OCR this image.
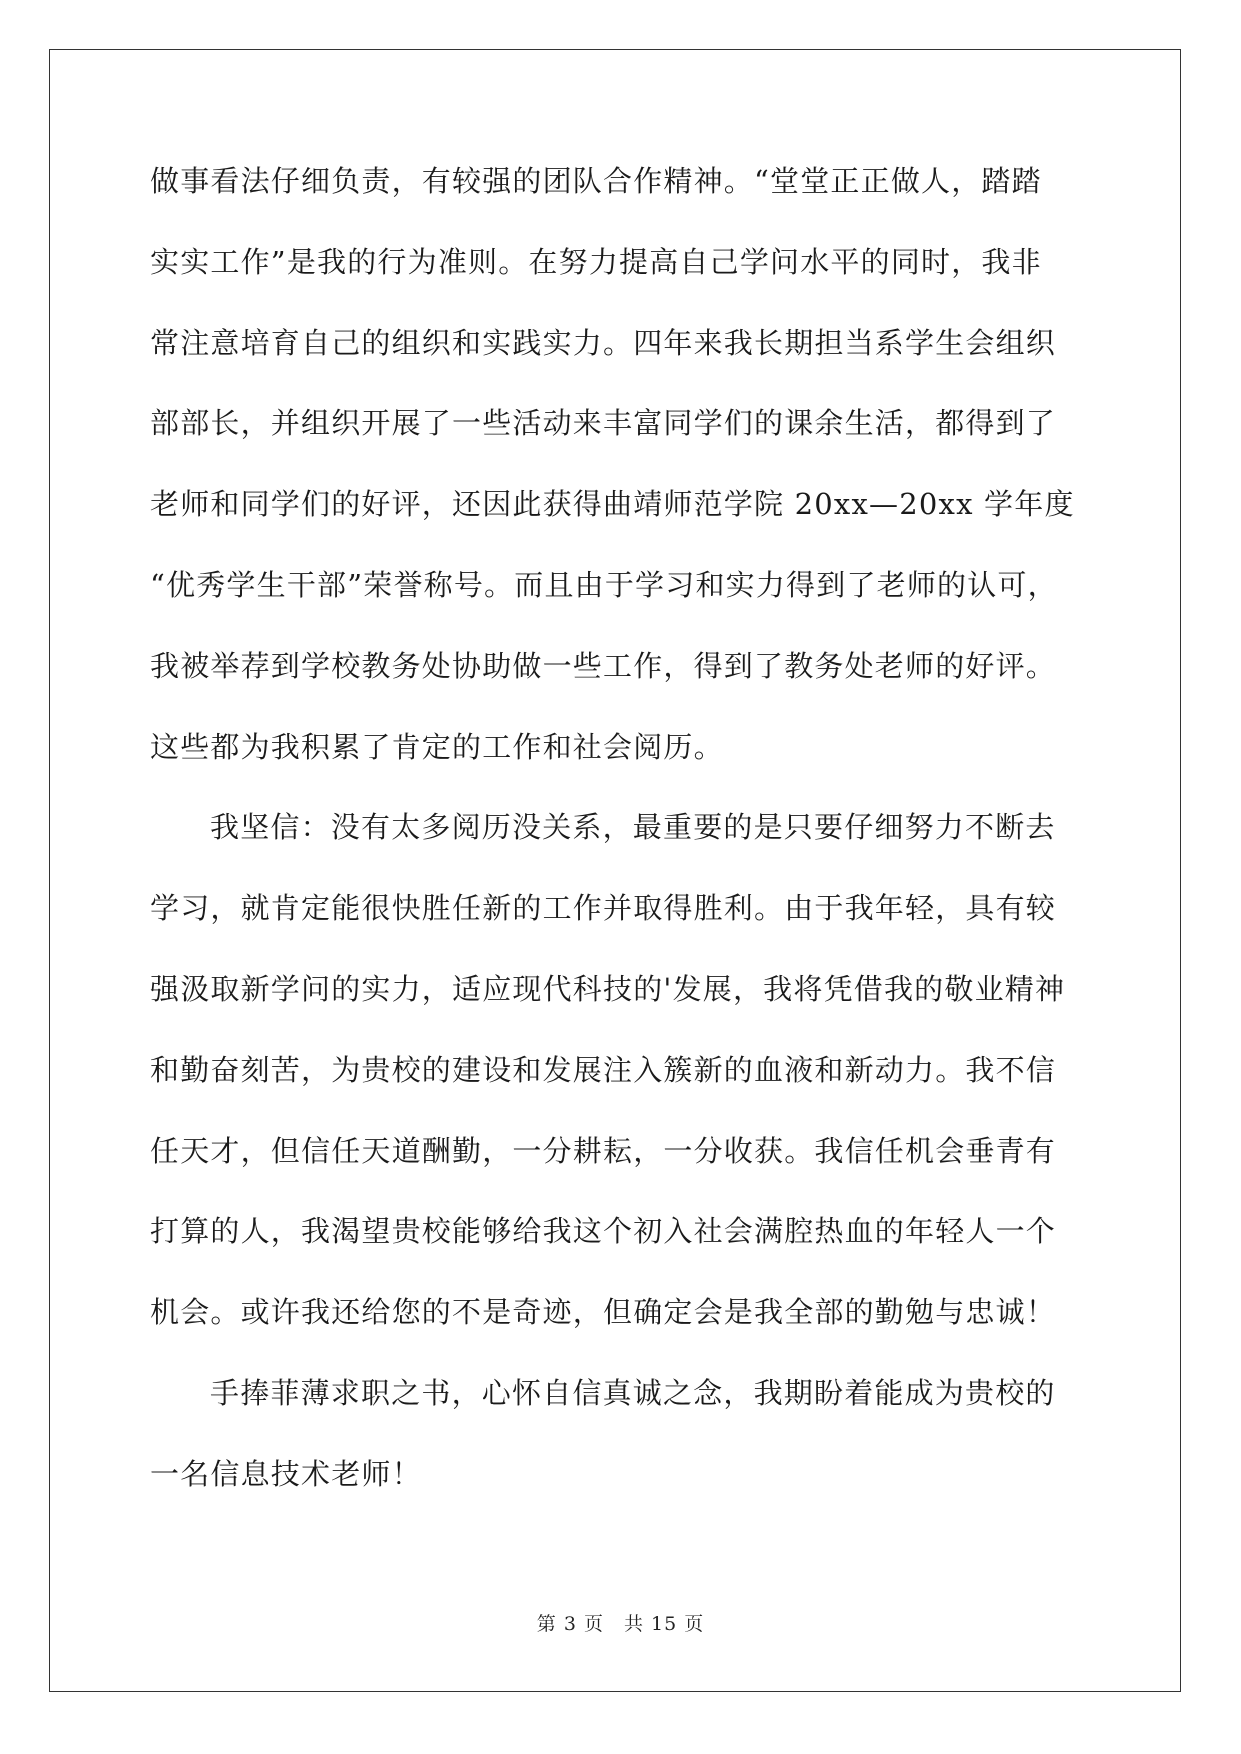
做事看法仔细负责，有较强的团队合作精神。“堂堂正正做人，踏踏
实实工作”是我的行为准则。在努力提高自己学问水平的同时，我非
常注意培育自己的组织和实践实力。四年来我长期担当系学生会组织
部部长，并组织开展了一些活动来丰富同学们的课余生活，都得到了
老师和同学们的好评，还因此获得曲靖师范学院 20xx—20xx 学年度
“优秀学生干部”荣誉称号。而且由于学习和实力得到了老师的认可，
我被举荐到学校教务处协助做一些工作，得到了教务处老师的好评。
这些都为我积累了肯定的工作和社会阅历。
我坚信：没有太多阅历没关系，最重要的是只要仔细努力不断去
学习，就肯定能很快胜任新的工作并取得胜利。由于我年轻，具有较
强汲取新学问的实力，适应现代科技的'发展，我将凭借我的敬业精神
和勤奋刻苦，为贵校的建设和发展注入簇新的血液和新动力。我不信
任天才，但信任天道酬勤，一分耕耘，一分收获。我信任机会垂青有
打算的人，我渴望贵校能够给我这个初入社会满腔热血的年轻人一个
机会。或许我还给您的不是奇迹，但确定会是我全部的勤勉与忠诚！
手捧菲薄求职之书，心怀自信真诚之念，我期盼着能成为贵校的
一名信息技术老师！
第 3 页　共 15 页
